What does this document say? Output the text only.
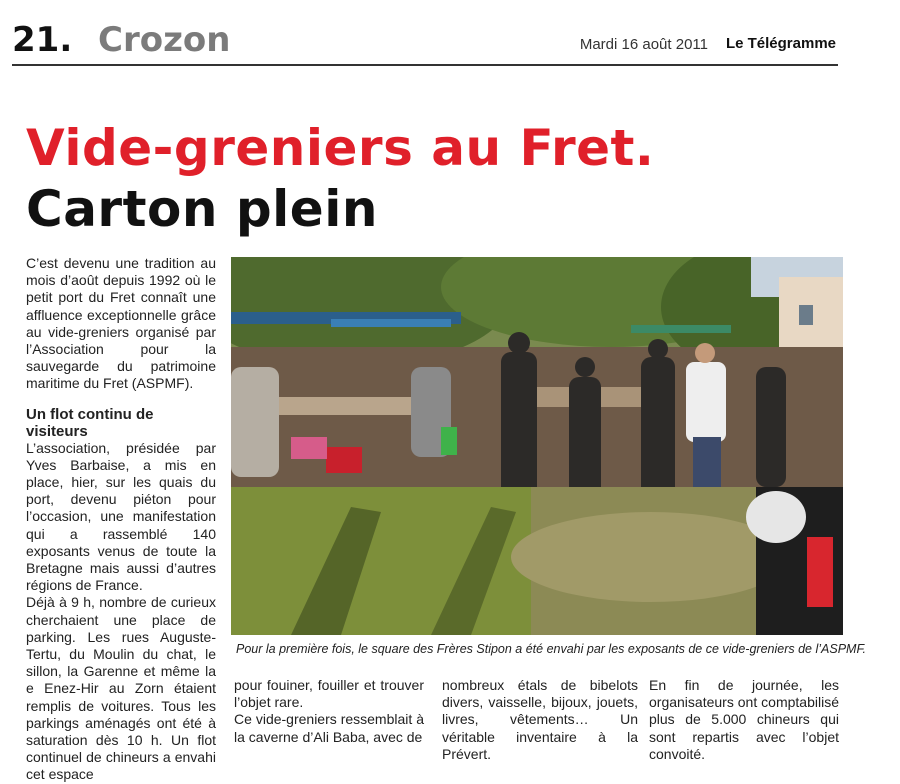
21. Crozon	Mardi 16 août 2011 Le Télégramme
Vide-greniers au Fret.
Carton plein

C’est devenu une tradition au mois d’août depuis 1992 où le petit port du Fret connaît une affluence exceptionnelle grâce au vide-greniers organisé par l’Association pour la sauvegarde du patrimoine maritime du Fret (ASPMF).

Un flot continu de visiteurs

L’association, présidée par Yves Barbaise, a mis en place, hier, sur les quais du port, devenu piéton pour l’occasion, une manifestation qui a rassemblé 140 exposants venus de toute la Bretagne mais aussi d’autres régions de France.

Déjà à 9 h, nombre de curieux cherchaient une place de parking. Les rues Auguste-Tertu, du Moulin du chat, le sillon, la Garenne et même la e Enez-Hir au Zorn étaient remplis de voitures. Tous les parkings aménagés ont été à saturation dès 10 h. Un flot continuel de chineurs a envahi cet espace

Pour la première fois, le square des Frères Stipon a été envahi par les exposants de ce vide-greniers de l’ASPMF.

pour fouiner, fouiller et trouver l’objet rare.

Ce vide-greniers ressemblait à la caverne d’Ali Baba, avec de

nombreux étals de bibelots divers, vaisselle, bijoux, jouets, livres, vêtements… Un véritable inventaire à la Prévert.

En fin de journée, les organisateurs ont comptabilisé plus de 5.000 chineurs qui sont repartis avec l’objet convoité.
